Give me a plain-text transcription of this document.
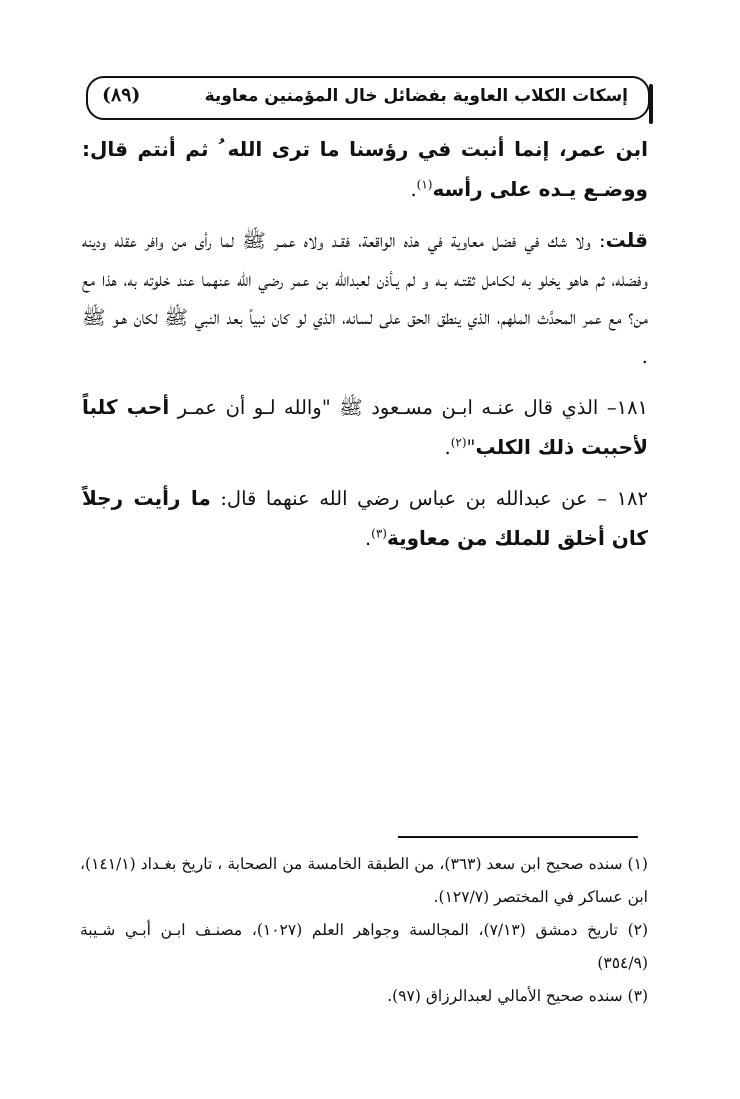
إسكات الكلاب العاوية بفضائل خال المؤمنين معاوية
(٨٩)

ابن عمر، إنما أنبت في رؤسنا ما ترى الله ُ ثم أنتم قال: ووضـع يـده على رأسه$^{(١)}$.

قلت: ولا شك في فضل معاوية في هذه الواقعة، فقـد ولاه عمـر ﷺ لما رأى من وافر عقله ودينه وفضله، ثم هاهو يخلو به لكـامل ثقتـه بـه و لم يـأذن لعبدالله بن عمر رضي الله عنهما عند خلوته به، هذا مع من؟ مع عمر المحدَّث الملهم، الذي ينطق الحق على لسانه، الذي لو كان نبياً بعد النبي ﷺ لكان هـو ﷺ .

١٨١– الذي قال عنـه ابـن مسـعود ﷺ "والله لـو أن عمـر أحب كلباً لأحببت ذلك الكلب"$^{(٢)}$.

١٨٢ – عن عبدالله بن عباس رضي الله عنهما قال: ما رأيت رجلاً كان أخلق للملك من معاوية$^{(٣)}$.

(١) سنده صحيح ابن سعد (٣٦٣)، من الطبقة الخامسة من الصحابة ، تاريخ بغـداد (١٤١/١)، ابن عساكر في المختصر (١٢٧/٧).

(٢) تاريخ دمشق (٧/١٣)، المجالسة وجواهر العلم (١٠٢٧)، مصنـف ابـن أبـي شـيبة (٣٥٤/٩)

(٣) سنده صحيح الأمالي لعبدالرزاق (٩٧).
